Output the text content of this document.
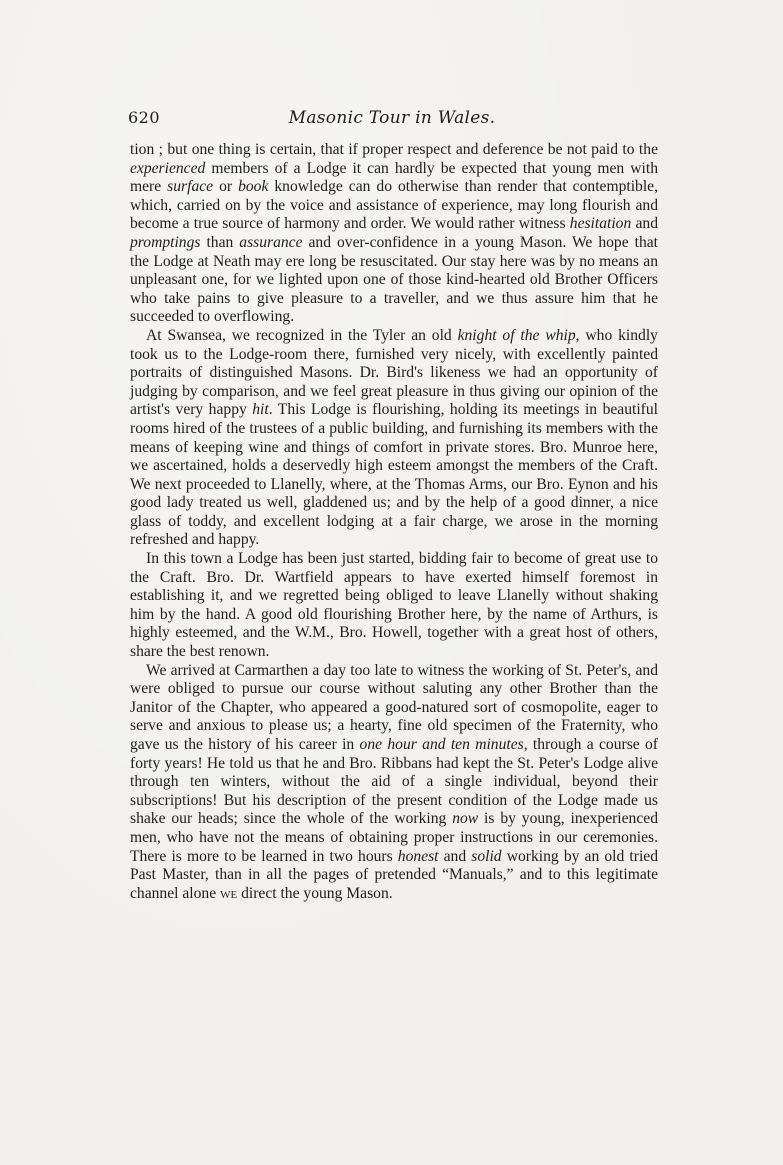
620	Masonic Tour in Wales.

tion ; but one thing is certain, that if proper respect and deference be not paid to the experienced members of a Lodge it can hardly be expected that young men with mere surface or book knowledge can do otherwise than render that contemptible, which, carried on by the voice and assistance of experience, may long flourish and become a true source of harmony and order. We would rather witness hesitation and promptings than assurance and over-confidence in a young Mason. We hope that the Lodge at Neath may ere long be resuscitated. Our stay here was by no means an unpleasant one, for we lighted upon one of those kind-hearted old Brother Officers who take pains to give pleasure to a traveller, and we thus assure him that he succeeded to overflowing.

At Swansea, we recognized in the Tyler an old knight of the whip, who kindly took us to the Lodge-room there, furnished very nicely, with excellently painted portraits of distinguished Masons. Dr. Bird's likeness we had an opportunity of judging by comparison, and we feel great pleasure in thus giving our opinion of the artist's very happy hit. This Lodge is flourishing, holding its meetings in beautiful rooms hired of the trustees of a public building, and furnishing its members with the means of keeping wine and things of comfort in private stores. Bro. Munroe here, we ascertained, holds a deservedly high esteem amongst the members of the Craft. We next proceeded to Llanelly, where, at the Thomas Arms, our Bro. Eynon and his good lady treated us well, gladdened us; and by the help of a good dinner, a nice glass of toddy, and excellent lodging at a fair charge, we arose in the morning refreshed and happy.

In this town a Lodge has been just started, bidding fair to become of great use to the Craft. Bro. Dr. Wartfield appears to have exerted himself foremost in establishing it, and we regretted being obliged to leave Llanelly without shaking him by the hand. A good old flourishing Brother here, by the name of Arthurs, is highly esteemed, and the W.M., Bro. Howell, together with a great host of others, share the best renown.

We arrived at Carmarthen a day too late to witness the working of St. Peter's, and were obliged to pursue our course without saluting any other Brother than the Janitor of the Chapter, who appeared a good-natured sort of cosmopolite, eager to serve and anxious to please us; a hearty, fine old specimen of the Fraternity, who gave us the history of his career in one hour and ten minutes, through a course of forty years! He told us that he and Bro. Ribbans had kept the St. Peter's Lodge alive through ten winters, without the aid of a single individual, beyond their subscriptions! But his description of the present condition of the Lodge made us shake our heads; since the whole of the working now is by young, inexperienced men, who have not the means of obtaining proper instructions in our ceremonies. There is more to be learned in two hours honest and solid working by an old tried Past Master, than in all the pages of pretended “Manuals,” and to this legitimate channel alone we direct the young Mason.
